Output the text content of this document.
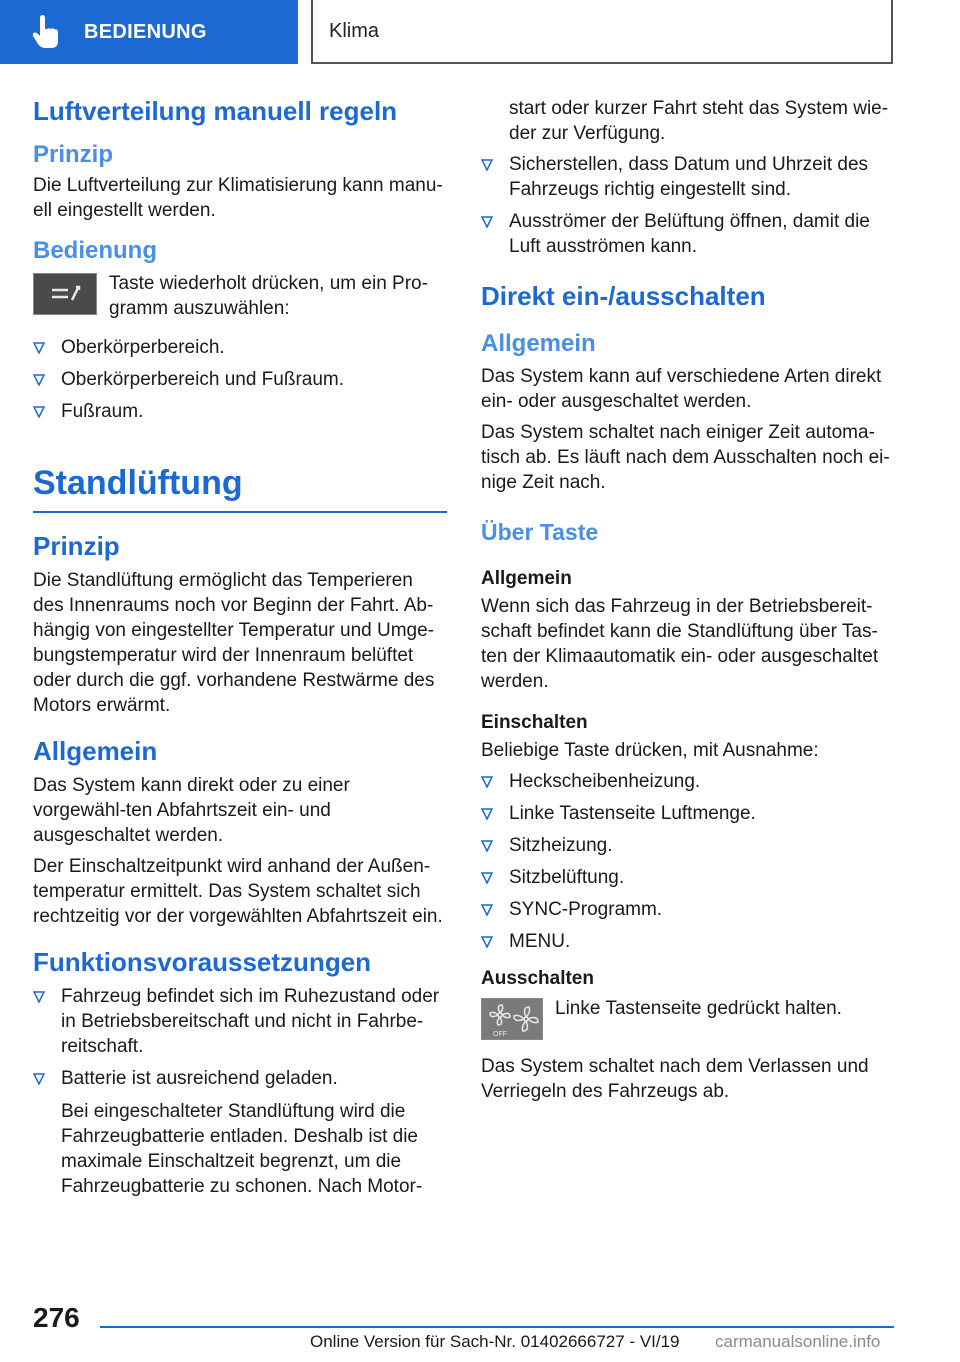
BEDIENUNG	Klima
Luftverteilung manuell regeln
Prinzip

Die Luftverteilung zur Klimatisierung kann manu-ell eingestellt werden.

Bedienung

Taste wiederholt drücken, um ein Pro-gramm auszuwählen:

Oberkörperbereich.
Oberkörperbereich und Fußraum.
Fußraum.
Standlüftung
Prinzip

Die Standlüftung ermöglicht das Temperieren des Innenraums noch vor Beginn der Fahrt. Ab-hängig von eingestellter Temperatur und Umge-bungstemperatur wird der Innenraum belüftet oder durch die ggf. vorhandene Restwärme des Motors erwärmt.

Allgemein

Das System kann direkt oder zu einer vorgewähl-ten Abfahrtszeit ein- und ausgeschaltet werden.

Der Einschaltzeitpunkt wird anhand der Außen-temperatur ermittelt. Das System schaltet sich rechtzeitig vor der vorgewählten Abfahrtszeit ein.

Funktionsvoraussetzungen
Fahrzeug befindet sich im Ruhezustand oder in Betriebsbereitschaft und nicht in Fahrbe-reitschaft.
Batterie ist ausreichend geladen.

Bei eingeschalteter Standlüftung wird die Fahrzeugbatterie entladen. Deshalb ist die maximale Einschaltzeit begrenzt, um die Fahrzeugbatterie zu schonen. Nach Motor-

start oder kurzer Fahrt steht das System wie-der zur Verfügung.

Sicherstellen, dass Datum und Uhrzeit des Fahrzeugs richtig eingestellt sind.
Ausströmer der Belüftung öffnen, damit die Luft ausströmen kann.
Direkt ein-/ausschalten
Allgemein

Das System kann auf verschiedene Arten direkt ein- oder ausgeschaltet werden.

Das System schaltet nach einiger Zeit automa-tisch ab. Es läuft nach dem Ausschalten noch ei-nige Zeit nach.

Über Taste
Allgemein

Wenn sich das Fahrzeug in der Betriebsbereit-schaft befindet kann die Standlüftung über Tas-ten der Klimaautomatik ein- oder ausgeschaltet werden.

Einschalten

Beliebige Taste drücken, mit Ausnahme:

Heckscheibenheizung.
Linke Tastenseite Luftmenge.
Sitzheizung.
Sitzbelüftung.
SYNC-Programm.
MENU.
Ausschalten
OFF

Linke Tastenseite gedrückt halten.

Das System schaltet nach dem Verlassen und Verriegeln des Fahrzeugs ab.

276
Online Version für Sach-Nr. 01402666727 - VI/19 carmanualsonline.info
